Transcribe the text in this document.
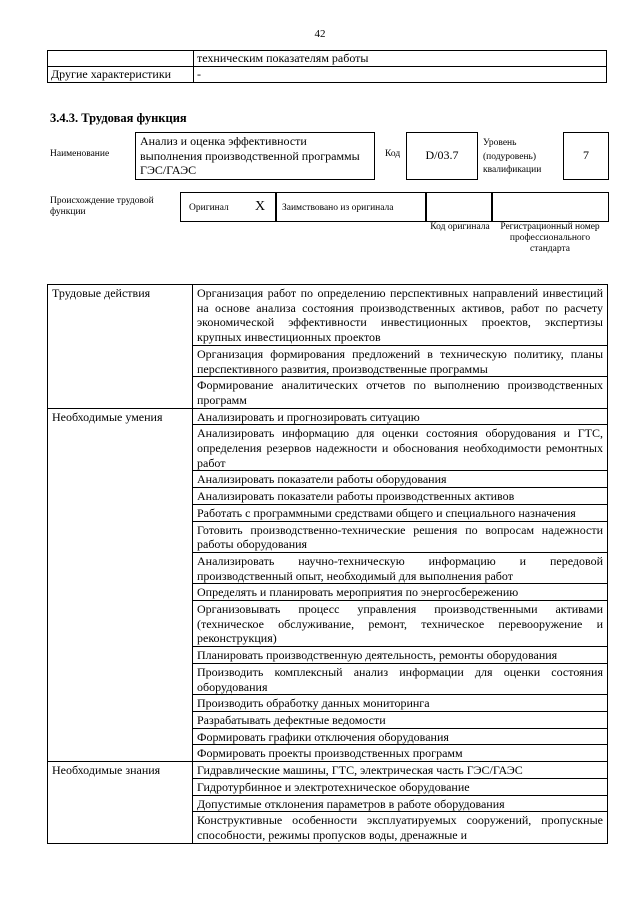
42
	техническим показателям работы
Другие характеристики	-
3.4.3. Трудовая функция
Наименование
Анализ и оценка эффективности выполнения производственной программы ГЭС/ГАЭС
Код	D/03.7
Уровень (подуровень) квалификации
7
Происхождение трудовой функции	Оригинал X Заимствовано из оригинала
Код оригинала	Регистрационный номер профессионального стандарта
Трудовые действия	Организация работ по определению перспективных направлений инвестиций на основе анализа состояния производственных активов, работ по расчету экономической эффективности инвестиционных проектов, экспертизы крупных инвестиционных проектов
	Организация формирования предложений в техническую политику, планы перспективного развития, производственные программы
	Формирование аналитических отчетов по выполнению производственных программ
Необходимые умения	Анализировать и прогнозировать ситуацию
	Анализировать информацию для оценки состояния оборудования и ГТС, определения резервов надежности и обоснования необходимости ремонтных работ
	Анализировать показатели работы оборудования
	Анализировать показатели работы производственных активов
	Работать с программными средствами общего и специального назначения
	Готовить производственно-технические решения по вопросам надежности работы оборудования
	Анализировать научно-техническую информацию и передовой производственный опыт, необходимый для выполнения работ
	Определять и планировать мероприятия по энергосбережению
	Организовывать процесс управления производственными активами (техническое обслуживание, ремонт, техническое перевооружение и реконструкция)
	Планировать производственную деятельность, ремонты оборудования
	Производить комплексный анализ информации для оценки состояния оборудования
	Производить обработку данных мониторинга
	Разрабатывать дефектные ведомости
	Формировать графики отключения оборудования
	Формировать проекты производственных программ
Необходимые знания	Гидравлические машины, ГТС, электрическая часть ГЭС/ГАЭС
	Гидротурбинное и электротехническое оборудование
	Допустимые отклонения параметров в работе оборудования
	Конструктивные особенности эксплуатируемых сооружений, пропускные способности, режимы пропусков воды, дренажные и
